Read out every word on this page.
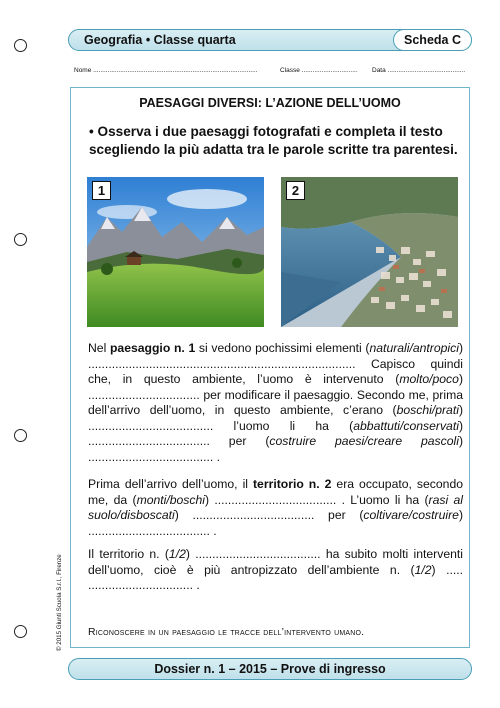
Geografia • Classe quarta	Scheda C
Nome ...........................................................................................	Classe ............................... Data ...........................................
PAESAGGI DIVERSI: L’AZIONE DELL’UOMO
• Osserva i due paesaggi fotografati e completa il testo scegliendo la più adatta tra le parole scritte tra parentesi.
1	2
Nel paesaggio n. 1 si vedono pochissimi elementi (naturali/antropici) ............................................................................... Capisco quindi che, in questo ambiente, l’uomo è intervenuto (molto/poco) ................................. per modificare il paesaggio. Secondo me, prima dell’arrivo dell’uomo, in questo ambiente, c’erano (boschi/prati) ..................................... l’uomo li ha (abbattuti/conservati) .................................... per (costruire paesi/creare pascoli) ..................................... .
Prima dell’arrivo dell’uomo, il territorio n. 2 era occupato, secondo me, da (monti/boschi) .................................... . L’uomo li ha (rasi al suolo/disboscati) .................................... per (coltivare/costruire) .................................... .
Il territorio n. (1/2) ..................................... ha subito molti interventi dell’uomo, cioè è più antropizzato dell’ambiente n. (1/2) ..... ............................... .
Riconoscere in un paesaggio le tracce dell’intervento umano.
Dossier n. 1 – 2015 – Prove di ingresso
© 2015 Giunti Scuola S.r.l., Firenze
